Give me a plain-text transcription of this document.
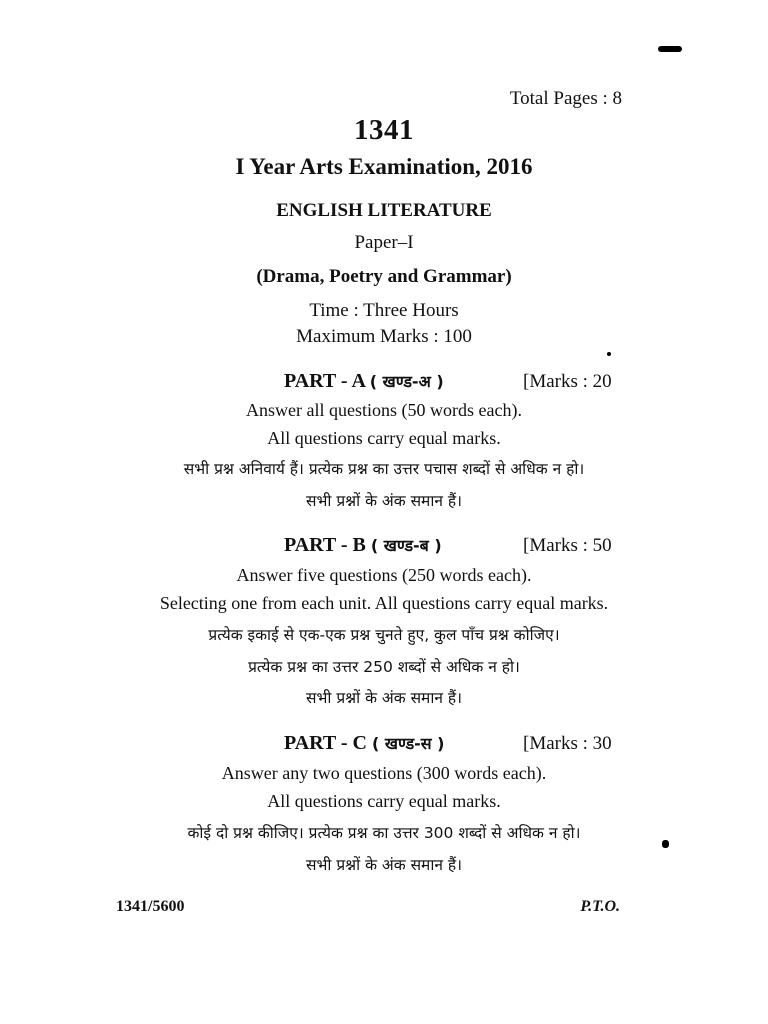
Total Pages : 8
1341
I Year Arts Examination, 2016
ENGLISH LITERATURE
Paper–I
(Drama, Poetry and Grammar)
Time : Three Hours
Maximum Marks : 100
PART - A ( खण्ड-अ )	[Marks : 20
Answer all questions (50 words each).
All questions carry equal marks.
सभी प्रश्न अनिवार्य हैं। प्रत्येक प्रश्न का उत्तर पचास शब्दों से अधिक न हो।
सभी प्रश्नों के अंक समान हैं।
PART - B ( खण्ड-ब )	[Marks : 50
Answer five questions (250 words each).
Selecting one from each unit. All questions carry equal marks.
प्रत्येक इकाई से एक-एक प्रश्न चुनते हुए, कुल पाँच प्रश्न कोजिए।
प्रत्येक प्रश्न का उत्तर 250 शब्दों से अधिक न हो।
सभी प्रश्नों के अंक समान हैं।
PART - C ( खण्ड-स )	[Marks : 30
Answer any two questions (300 words each).
All questions carry equal marks.
कोई दो प्रश्न कीजिए। प्रत्येक प्रश्न का उत्तर 300 शब्दों से अधिक न हो।
सभी प्रश्नों के अंक समान हैं।
1341/5600	P.T.O.
